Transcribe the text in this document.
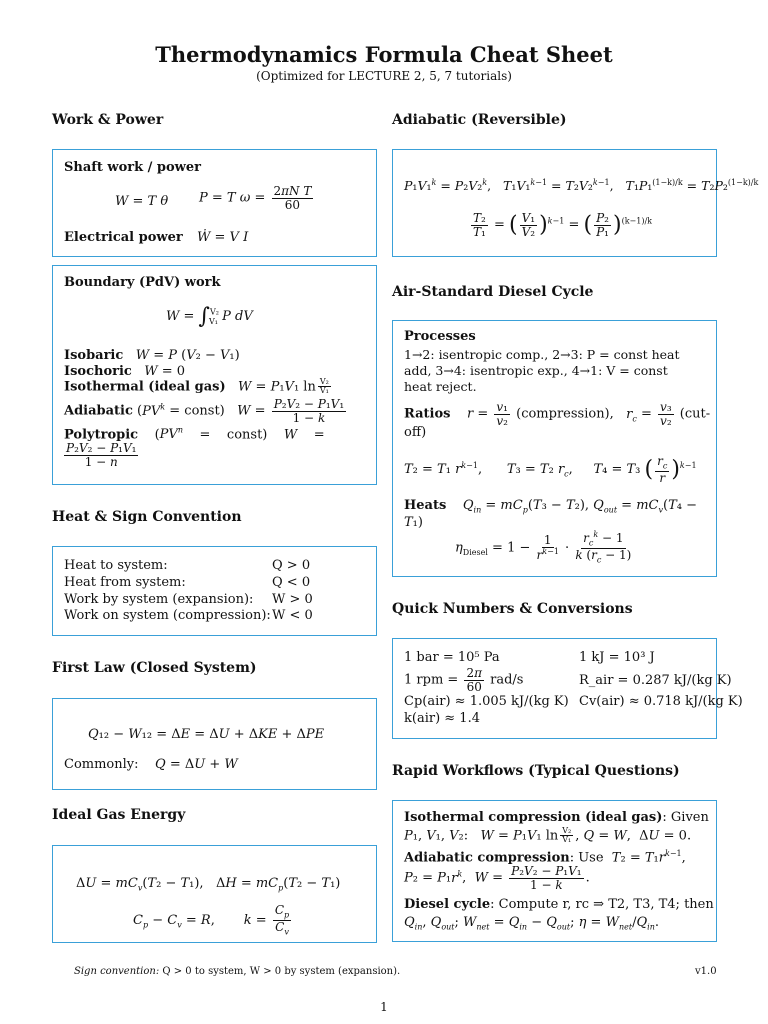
Thermodynamics Formula Cheat Sheet
(Optimized for LECTURE 2, 5, 7 tutorials)
Work & Power
Shaft work / power
W = T θ P = T $\omega = \frac{\text{2πN T}}{60}$
Electrical power Ẇ = V I
Boundary (PdV) work
W = ∫$^{V_2}_{V_1}$ P dV
Isobaric W = P (V₂ − V₁)
Isochoric W = 0
Isothermal (ideal gas) W = P₁V₁ $\ln \frac{\text{V₂}}{\text{V₁}}$
Adiabatic ($PV^k$ = const)   $W = \frac{\text{P₂V₂ − P₁V₁}}{1 - k}$
Polytropic    ($PV^n$    =    const)    W    =
$\frac{\text{P₂V₂ − P₁V₁}}{1 - n}$
Heat & Sign Convention
Heat to system:	Q > 0
Heat from system:	Q < 0
Work by system (expansion): W > 0
Work on system (compression): W < 0
First Law (Closed System)
Q₁₂ − W₁₂ = ΔE = ΔU + ΔKE + ΔPE
Commonly: Q = ΔU + W
Ideal Gas Energy
$\Delta U = mC_v(T_2 - T_1)$,   $\Delta H = mC_p(T_2 - T_1)$
$C_p - C_v = R$,       $k = \frac{C_p}{C_v}$
Adiabatic (Reversible)
P₁V₁$^k$ = P₂V₂$^k$,   T₁V₁$^{k-1}$ = T₂V₂$^{k-1}$,   T₁P₁$^{(1-k)/k}$ = T₂P₂$^{(1-k)/k}$
$\frac{\text{T₂}}{\text{T₁}}$ = ( $\frac{\text{V₁}}{\text{V₂}} )^{k-1}$ = ( $\frac{\text{P₂}}{\text{P₁}} )^{(k-1)/k}$
Air-Standard Diesel Cycle
Processes
1→2: isentropic comp., 2→3: P = const heat
add, 3→4: isentropic exp., 4→1: V = const
heat reject.
Ratios $r = \frac{\text{v₁}}{\text{v₂}}$ (compression), $r_c = \frac{\text{v₃}}{\text{v₂}} (cut-$
off)
T₂ = T₁ $r^{k-1}$,      T₃ = T₂ $r_c$,     T₄ = T₃ ( $\frac{r_c}{r} )^{k-1}$
Heats $Q_{in} = mC_p(T_3 - T_2)$, $Q_{out} = mC_v(T_4$ −
T₁)
$\eta_{Diesel} = 1 - \frac{1}{r^{k-1}}$ ·
$r_c^k - 1$
k $(r_c - 1)$
Quick Numbers & Conversions
1 bar = 10⁵ Pa	1 kJ = 10³ J
1 rpm = $\frac{2\pi}{60} rad/s$	R_air = 0.287 kJ/(kg K)
Cp(air) ≈ 1.005 kJ/(kg K) Cv(air) ≈ 0.718 kJ/(kg K)
k(air) ≈ 1.4
Rapid Workflows (Typical Questions)
Isothermal compression (ideal gas): Given
P₁, V₁, V₂:   W = P₁V₁ $\ln \frac{\text{V₂}}{\text{V₁}}$ , Q = W,  ΔU = 0.
Adiabatic compression: Use $T_2 = T_1r^{k-1}$,
$P_2 = P_1r^k$,  $W = \frac{\text{P₂V₂ − P₁V₁}}{1 - k}$ .
Diesel cycle: Compute r, rc ⇒ T2, T3, T4; then
$Q_{in}$, $Q_{out}$; $W_{net} = Q_{in} - Q_{out}$; $\eta = W_{net}/Q_{in}$.
Sign convention: Q > 0 to system, W > 0 by system (expansion).	v1.0
1
